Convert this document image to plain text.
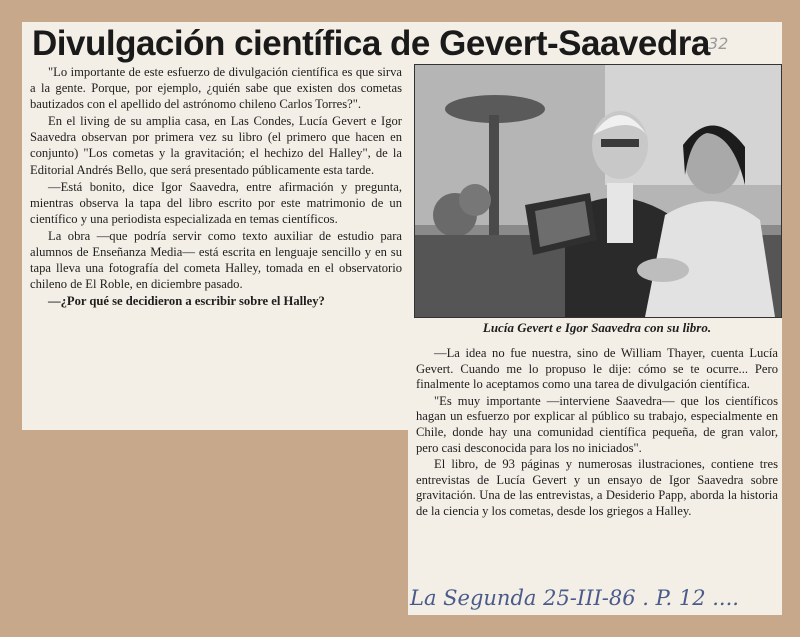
Divulgación científica de Gevert-Saavedra
32

"Lo importante de este esfuerzo de divulgación científica es que sirva a la gente. Porque, por ejemplo, ¿quién sabe que existen dos cometas bautizados con el apellido del astrónomo chileno Carlos Torres?".

En el living de su amplia casa, en Las Condes, Lucía Gevert e Igor Saavedra observan por primera vez su libro (el primero que hacen en conjunto) "Los cometas y la gravitación; el hechizo del Halley", de la Editorial Andrés Bello, que será presentado públicamente esta tarde.

—Está bonito, dice Igor Saavedra, entre afirmación y pregunta, mientras observa la tapa del libro escrito por este matrimonio de un científico y una periodista especializada en temas científicos.

La obra —que podría servir como texto auxiliar de estudio para alumnos de Enseñanza Media— está escrita en lenguaje sencillo y en su tapa lleva una fotografía del cometa Halley, tomada en el observatorio chileno de El Roble, en diciembre pasado.

—¿Por qué se decidieron a escribir sobre el Halley?

Lucía Gevert e Igor Saavedra con su libro.

—La idea no fue nuestra, sino de William Thayer, cuenta Lucía Gevert. Cuando me lo propuso le dije: cómo se te ocurre... Pero finalmente lo aceptamos como una tarea de divulgación científica.

"Es muy importante —interviene Saavedra— que los científicos hagan un esfuerzo por explicar al público su trabajo, especialmente en Chile, donde hay una comunidad científica pequeña, de gran valor, pero casi desconocida para los no iniciados".

El libro, de 93 páginas y numerosas ilustraciones, contiene tres entrevistas de Lucía Gevert y un ensayo de Igor Saavedra sobre gravitación. Una de las entrevistas, a Desiderio Papp, aborda la historia de la ciencia y los cometas, desde los griegos a Halley.

La Segunda 25-III-86 . P. 12 ....
